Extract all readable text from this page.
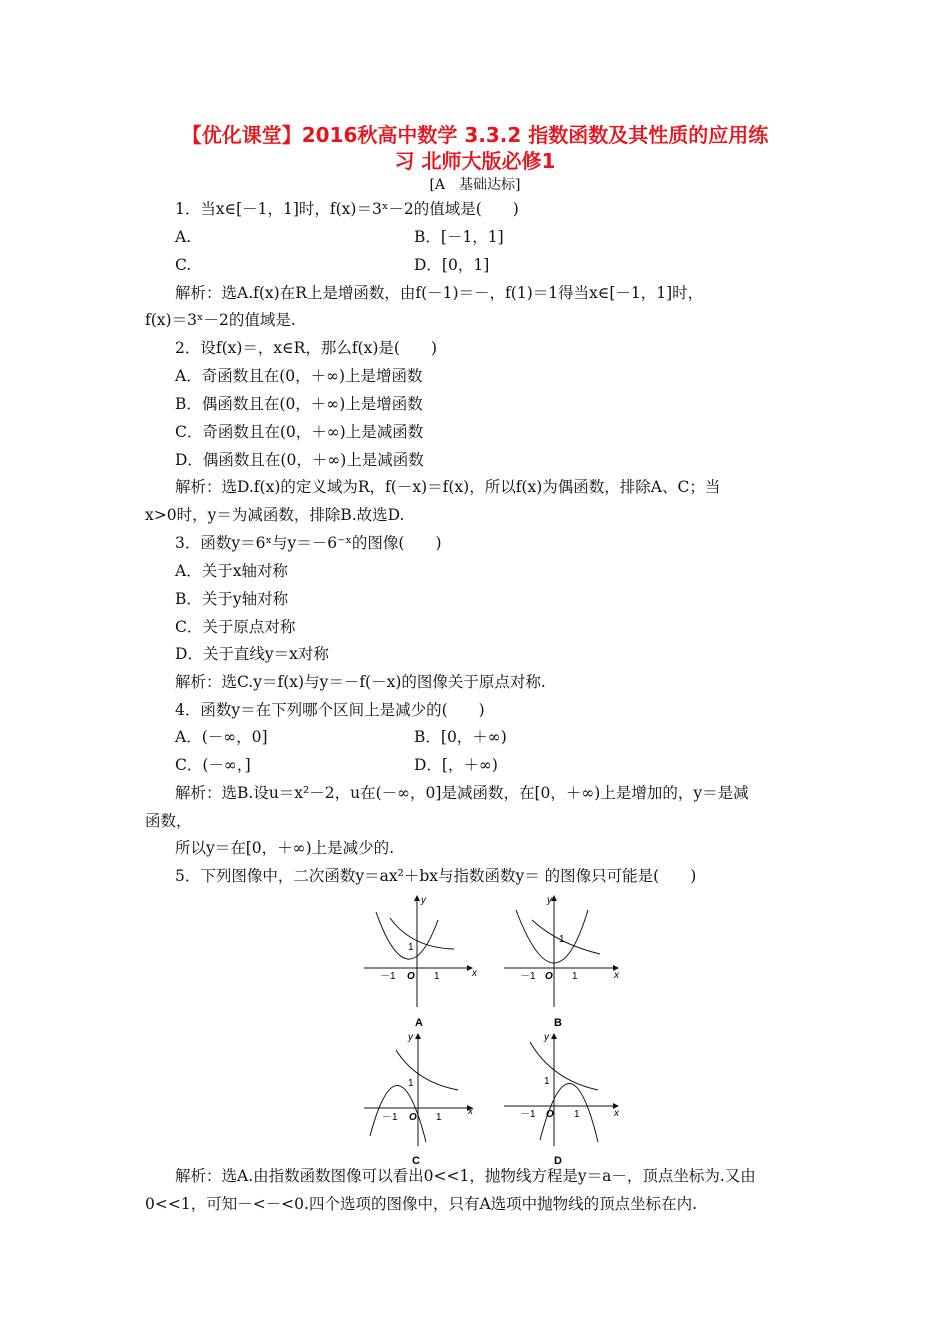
【优化课堂】2016秋高中数学 3.3.2 指数函数及其性质的应用练
习 北师大版必修1
[A　基础达标]
1．当x∈[－1，1]时，f(x)＝3ˣ－2的值域是(　　)
A.	B．[－1，1]
C.	D．[0，1]
解析：选A.f(x)在R上是增函数，由f(－1)＝－，f(1)＝1得当x∈[－1，1]时，
f(x)＝3ˣ－2的值域是.
2．设f(x)＝，x∈R，那么f(x)是(　　)
A．奇函数且在(0，＋∞)上是增函数
B．偶函数且在(0，＋∞)上是增函数
C．奇函数且在(0，＋∞)上是减函数
D．偶函数且在(0，＋∞)上是减函数
解析：选D.f(x)的定义域为R，f(－x)＝f(x)，所以f(x)为偶函数，排除A、C；当
x>0时，y＝为减函数，排除B.故选D.
3．函数y＝6ˣ与y＝－6⁻ˣ的图像(　　)
A．关于x轴对称
B．关于y轴对称
C．关于原点对称
D．关于直线y＝x对称
解析：选C.y＝f(x)与y＝－f(－x)的图像关于原点对称.
4．函数y＝在下列哪个区间上是减少的(　　)
A．(－∞，0]	B．[0，＋∞)
C．(－∞，]	D．[，＋∞)
解析：选B.设u＝x²－2，u在(－∞，0]是减函数，在[0，＋∞)上是增加的，y＝是减
函数，
所以y＝在[0，＋∞)上是减少的.
5．下列图像中，二次函数y＝ax²＋bx与指数函数y＝ 的图像只可能是(　　)
x
y
O
－1	1
1
A
x
y
O
－1	1
1
B
x
y
O
－1	1
1
C
x
y
O
－1	1
1
D
解析：选A.由指数函数图像可以看出0<<1，抛物线方程是y＝a－，顶点坐标为.又由
0<<1，可知－<－<0.四个选项的图像中，只有A选项中抛物线的顶点坐标在内.
